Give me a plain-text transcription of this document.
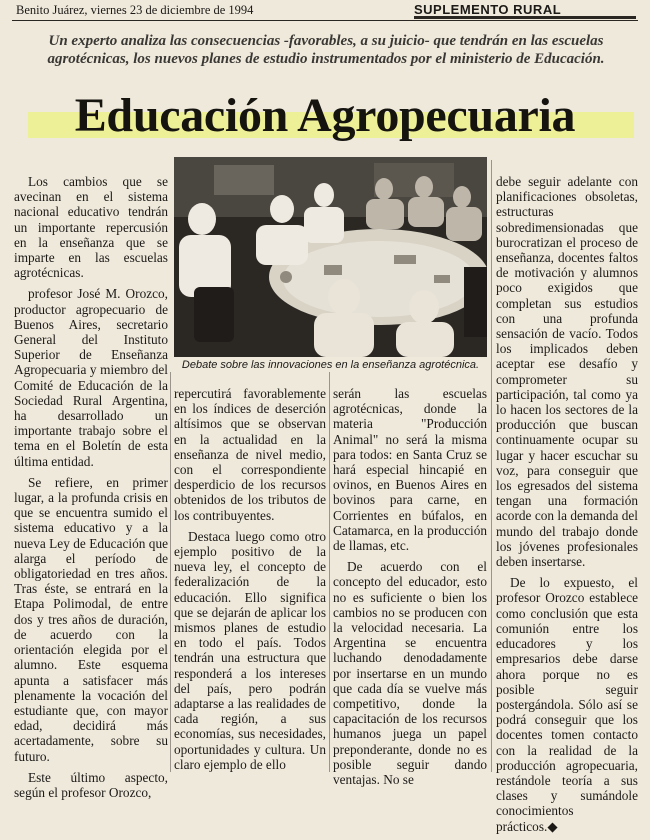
Benito Juárez, viernes 23 de diciembre de 1994	SUPLEMENTO RURAL
Un experto analiza las consecuencias -favorables, a su juicio- que tendrán en las escuelas agrotécnicas, los nuevos planes de estudio instrumentados por el ministerio de Educación.
Educación Agropecuaria
Debate sobre las innovaciones en la enseñanza agrotécnica.

Los cambios que se avecinan en el sistema nacional educativo tendrán un importante repercusión en la enseñanza que se imparte en las escuelas agrotécnicas.

profesor José M. Orozco, productor agropecuario de Buenos Aires, secretario General del Instituto Superior de Enseñanza Agropecuaria y miembro del Comité de Educación de la Sociedad Rural Argentina, ha desarrollado un importante trabajo sobre el tema en el Boletín de esta última entidad.

Se refiere, en primer lugar, a la profunda crisis en que se encuentra sumido el sistema educativo y a la nueva Ley de Educación que alarga el período de obligatoriedad en tres años. Tras éste, se entrará en la Etapa Polimodal, de entre dos y tres años de duración, de acuerdo con la orientación elegida por el alumno. Este esquema apunta a satisfacer más plenamente la vocación del estudiante que, con mayor edad, decidirá más acertadamente, sobre su futuro.

Este último aspecto, según el profesor Orozco,

repercutirá favorablemente en los índices de deserción altísimos que se observan en la actualidad en la enseñanza de nivel medio, con el correspondiente desperdicio de los recursos obtenidos de los tributos de los contribuyentes.

Destaca luego como otro ejemplo positivo de la nueva ley, el concepto de federalización de la educación. Ello significa que se dejarán de aplicar los mismos planes de estudio en todo el país. Todos tendrán una estructura que responderá a los intereses del país, pero podrán adaptarse a las realidades de cada región, a sus economías, sus necesidades, oportunidades y cultura. Un claro ejemplo de ello

serán las escuelas agrotécnicas, donde la materia "Producción Animal" no será la misma para todos: en Santa Cruz se hará especial hincapié en ovinos, en Buenos Aires en bovinos para carne, en Corrientes en búfalos, en Catamarca, en la producción de llamas, etc.

De acuerdo con el concepto del educador, esto no es suficiente o bien los cambios no se producen con la velocidad necesaria. La Argentina se encuentra luchando denodadamente por insertarse en un mundo que cada día se vuelve más competitivo, donde la capacitación de los recursos humanos juega un papel preponderante, donde no es posible seguir dando ventajas. No se

debe seguir adelante con planificaciones obsoletas, estructuras sobredimensionadas que burocratizan el proceso de enseñanza, docentes faltos de motivación y alumnos poco exigidos que completan sus estudios con una profunda sensación de vacío. Todos los implicados deben aceptar ese desafío y comprometer su participación, tal como ya lo hacen los sectores de la producción que buscan continuamente ocupar su lugar y hacer escuchar su voz, para conseguir que los egresados del sistema tengan una formación acorde con la demanda del mundo del trabajo donde los jóvenes profesionales deben insertarse.

De lo expuesto, el profesor Orozco establece como conclusión que esta comunión entre los educadores y los empresarios debe darse ahora porque no es posible seguir postergándola. Sólo así se podrá conseguir que los docentes tomen contacto con la realidad de la producción agropecuaria, restándole teoría a sus clases y sumándole conocimientos prácticos.◆
